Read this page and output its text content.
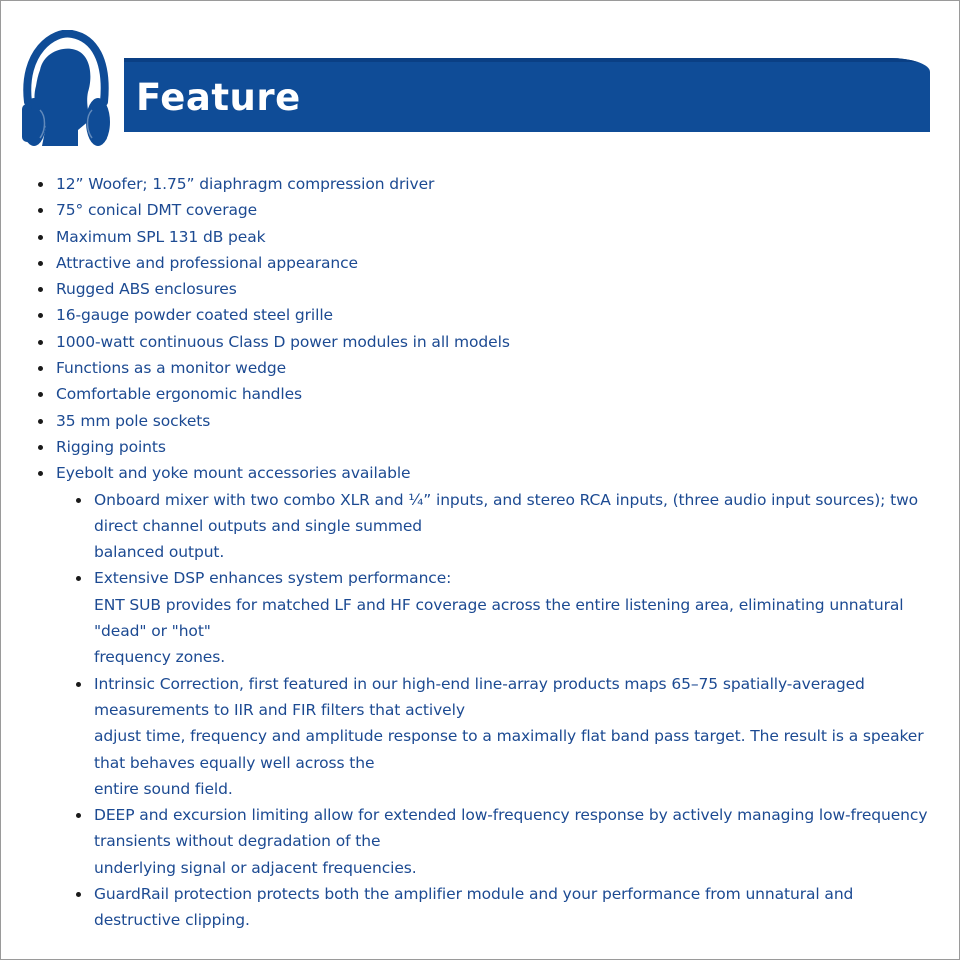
Feature
12” Woofer; 1.75” diaphragm compression driver
75° conical DMT coverage
Maximum SPL 131 dB peak
Attractive and professional appearance
Rugged ABS enclosures
16-gauge powder coated steel grille
1000-watt continuous Class D power modules in all models
Functions as a monitor wedge
Comfortable ergonomic handles
35 mm pole sockets
Rigging points
Eyebolt and yoke mount accessories available
Onboard mixer with two combo XLR and ¼” inputs, and stereo RCA inputs, (three audio input sources); two direct channel outputs and single summed
balanced output.
Extensive DSP enhances system performance:
ENT SUB provides for matched LF and HF coverage across the entire listening area, eliminating unnatural "dead" or "hot"
frequency zones.
Intrinsic Correction, first featured in our high-end line-array products maps 65–75 spatially-averaged measurements to IIR and FIR filters that actively
adjust time, frequency and amplitude response to a maximally flat band pass target. The result is a speaker that behaves equally well across the
entire sound field.
DEEP and excursion limiting allow for extended low-frequency response by actively managing low-frequency transients without degradation of the
underlying signal or adjacent frequencies.
GuardRail protection protects both the amplifier module and your performance from unnatural and destructive clipping.
